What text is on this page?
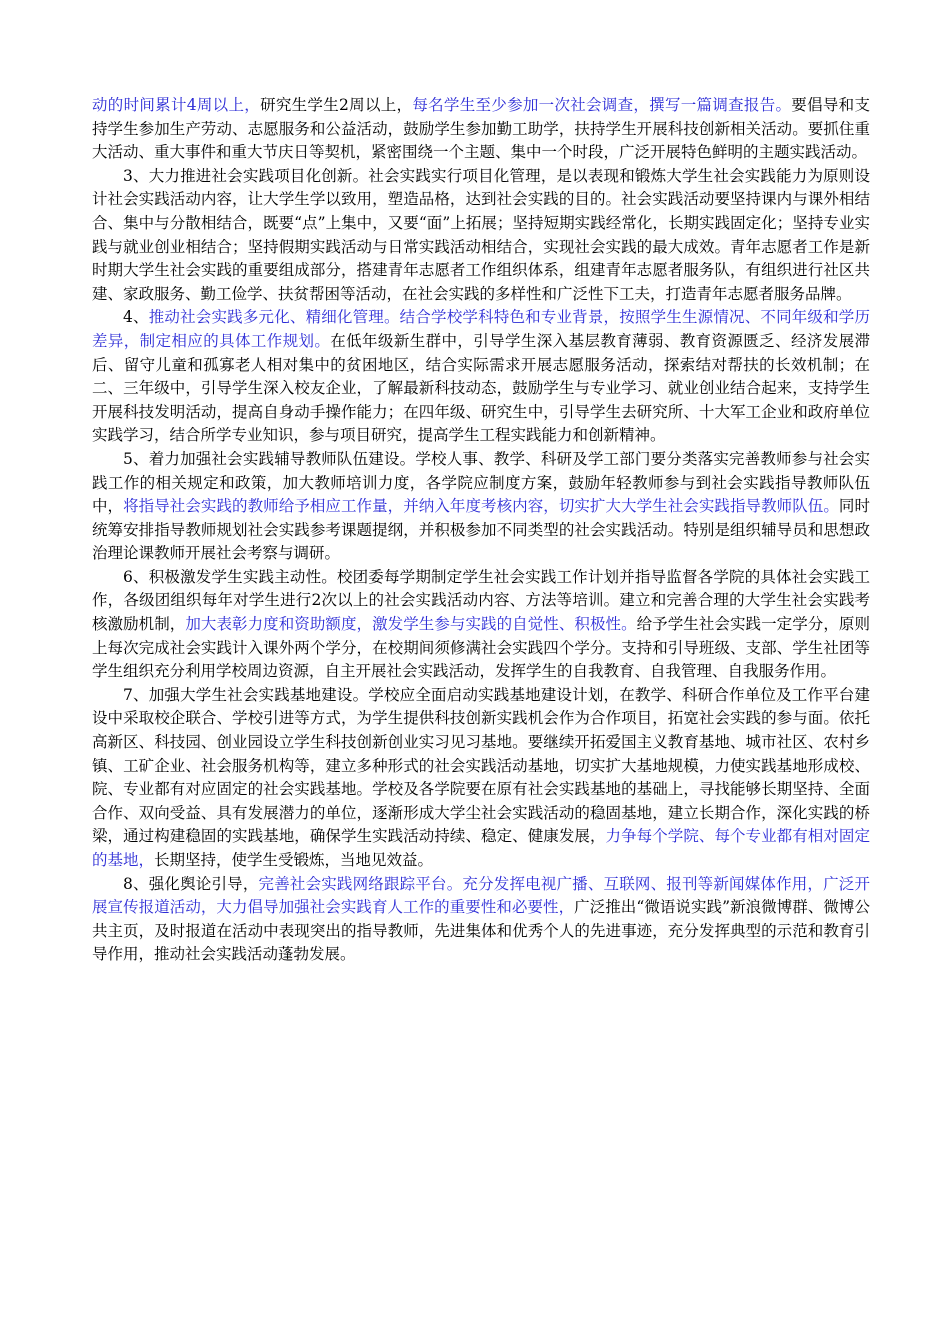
动的时间累计4周以上，研究生学生2周以上，每名学生至少参加一次社会调查，撰写一篇调查报告。要倡导和支持学生参加生产劳动、志愿服务和公益活动，鼓励学生参加勤工助学，扶持学生开展科技创新相关活动。要抓住重大活动、重大事件和重大节庆日等契机，紧密围绕一个主题、集中一个时段，广泛开展特色鲜明的主题实践活动。

3、大力推进社会实践项目化创新。社会实践实行项目化管理，是以表现和锻炼大学生社会实践能力为原则设计社会实践活动内容，让大学生学以致用，塑造品格，达到社会实践的目的。社会实践活动要坚持课内与课外相结合、集中与分散相结合，既要“点”上集中，又要“面”上拓展；坚持短期实践经常化，长期实践固定化；坚持专业实践与就业创业相结合；坚持假期实践活动与日常实践活动相结合，实现社会实践的最大成效。青年志愿者工作是新时期大学生社会实践的重要组成部分，搭建青年志愿者工作组织体系，组建青年志愿者服务队，有组织进行社区共建、家政服务、勤工俭学、扶贫帮困等活动，在社会实践的多样性和广泛性下工夫，打造青年志愿者服务品牌。

4、推动社会实践多元化、精细化管理。结合学校学科特色和专业背景，按照学生生源情况、不同年级和学历差异，制定相应的具体工作规划。在低年级新生群中，引导学生深入基层教育薄弱、教育资源匮乏、经济发展滞后、留守儿童和孤寡老人相对集中的贫困地区，结合实际需求开展志愿服务活动，探索结对帮扶的长效机制；在二、三年级中，引导学生深入校友企业，了解最新科技动态，鼓励学生与专业学习、就业创业结合起来，支持学生开展科技发明活动，提高自身动手操作能力；在四年级、研究生中，引导学生去研究所、十大军工企业和政府单位实践学习，结合所学专业知识，参与项目研究，提高学生工程实践能力和创新精神。

5、着力加强社会实践辅导教师队伍建设。学校人事、教学、科研及学工部门要分类落实完善教师参与社会实践工作的相关规定和政策，加大教师培训力度，各学院应制度方案，鼓励年轻教师参与到社会实践指导教师队伍中，将指导社会实践的教师给予相应工作量，并纳入年度考核内容，切实扩大大学生社会实践指导教师队伍。同时统筹安排指导教师规划社会实践参考课题提纲，并积极参加不同类型的社会实践活动。特别是组织辅导员和思想政治理论课教师开展社会考察与调研。

6、积极激发学生实践主动性。校团委每学期制定学生社会实践工作计划并指导监督各学院的具体社会实践工作，各级团组织每年对学生进行2次以上的社会实践活动内容、方法等培训。建立和完善合理的大学生社会实践考核激励机制，加大表彰力度和资助额度，激发学生参与实践的自觉性、积极性。给予学生社会实践一定学分，原则上每次完成社会实践计入课外两个学分，在校期间须修满社会实践四个学分。支持和引导班级、支部、学生社团等学生组织充分利用学校周边资源，自主开展社会实践活动，发挥学生的自我教育、自我管理、自我服务作用。

7、加强大学生社会实践基地建设。学校应全面启动实践基地建设计划，在教学、科研合作单位及工作平台建设中采取校企联合、学校引进等方式，为学生提供科技创新实践机会作为合作项目，拓宽社会实践的参与面。依托高新区、科技园、创业园设立学生科技创新创业实习见习基地。要继续开拓爱国主义教育基地、城市社区、农村乡镇、工矿企业、社会服务机构等，建立多种形式的社会实践活动基地，切实扩大基地规模，力使实践基地形成校、院、专业都有对应固定的社会实践基地。学校及各学院要在原有社会实践基地的基础上，寻找能够长期坚持、全面合作、双向受益、具有发展潜力的单位，逐渐形成大学尘社会实践活动的稳固基地，建立长期合作，深化实践的桥梁，通过构建稳固的实践基地，确保学生实践活动持续、稳定、健康发展，力争每个学院、每个专业都有相对固定的基地，长期坚持，使学生受锻炼，当地见效益。

8、强化舆论引导，完善社会实践网络跟踪平台。充分发挥电视广播、互联网、报刊等新闻媒体作用，广泛开展宣传报道活动，大力倡导加强社会实践育人工作的重要性和必要性，广泛推出“微语说实践”新浪微博群、微博公共主页，及时报道在活动中表现突出的指导教师，先进集体和优秀个人的先进事迹，充分发挥典型的示范和教育引导作用，推动社会实践活动蓬勃发展。
